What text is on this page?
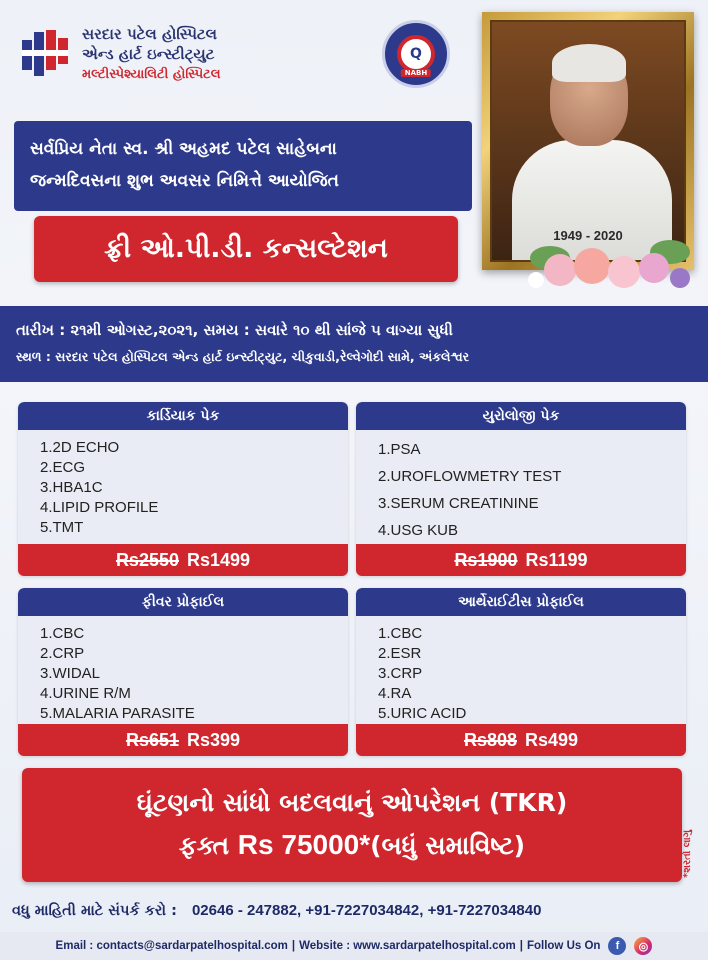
સરદાર પટેલ હોસ્પિટલ
એન્ડ હાર્ટ ઇન્સ્ટીટ્યુટ
મલ્ટીસ્પેશ્યાલિટી હોસ્પિટલ
Q
NABH
1949 - 2020
સર્વપ્રિય નેતા સ્વ. શ્રી અહમદ પટેલ સાહેબના
જન્મદિવસના શુભ અવસર નિમિત્તે આયોજિત
ફ્રી ઓ.પી.ડી. કન્સલ્ટેશન
તારીખ : ૨૧મી ઓગસ્ટ,૨૦૨૧, સમય : સવારે ૧૦ થી સાંજે ૫ વાગ્યા સુધી
સ્થળ : સરદાર પટેલ હોસ્પિટલ એન્ડ હાર્ટ ઇન્સ્ટીટ્યુટ, ચીકુવાડી,રેલ્વેગોદી સામે, અંકલેશ્વર
કાર્ડિયાક પેક
1.2D ECHO
2.ECG
3.HBA1C
4.LIPID PROFILE
5.TMT
Rs2550 Rs1499
યુરોલોજી પેક
1.PSA
2.UROFLOWMETRY TEST
3.SERUM CREATININE
4.USG KUB
Rs1900 Rs1199
ફીવર પ્રોફાઈલ
1.CBC
2.CRP
3.WIDAL
4.URINE R/M
5.MALARIA PARASITE
Rs651 Rs399
આર્થેરાઈટીસ પ્રોફાઈલ
1.CBC
2.ESR
3.CRP
4.RA
5.URIC ACID
Rs808 Rs499
ઘૂંટણનો સાંધો બદલવાનું ઓપરેશન (TKR)
ફક્ત Rs 75000*(બધું સમાવિષ્ટ)	*શરતો લાગુ
વધુ માહિતી માટે સંપર્ક કરો : 02646 - 247882, +91-7227034842, +91-7227034840
Email : contacts@sardarpatelhospital.com | Website : www.sardarpatelhospital.com | Follow Us On	f	◎
